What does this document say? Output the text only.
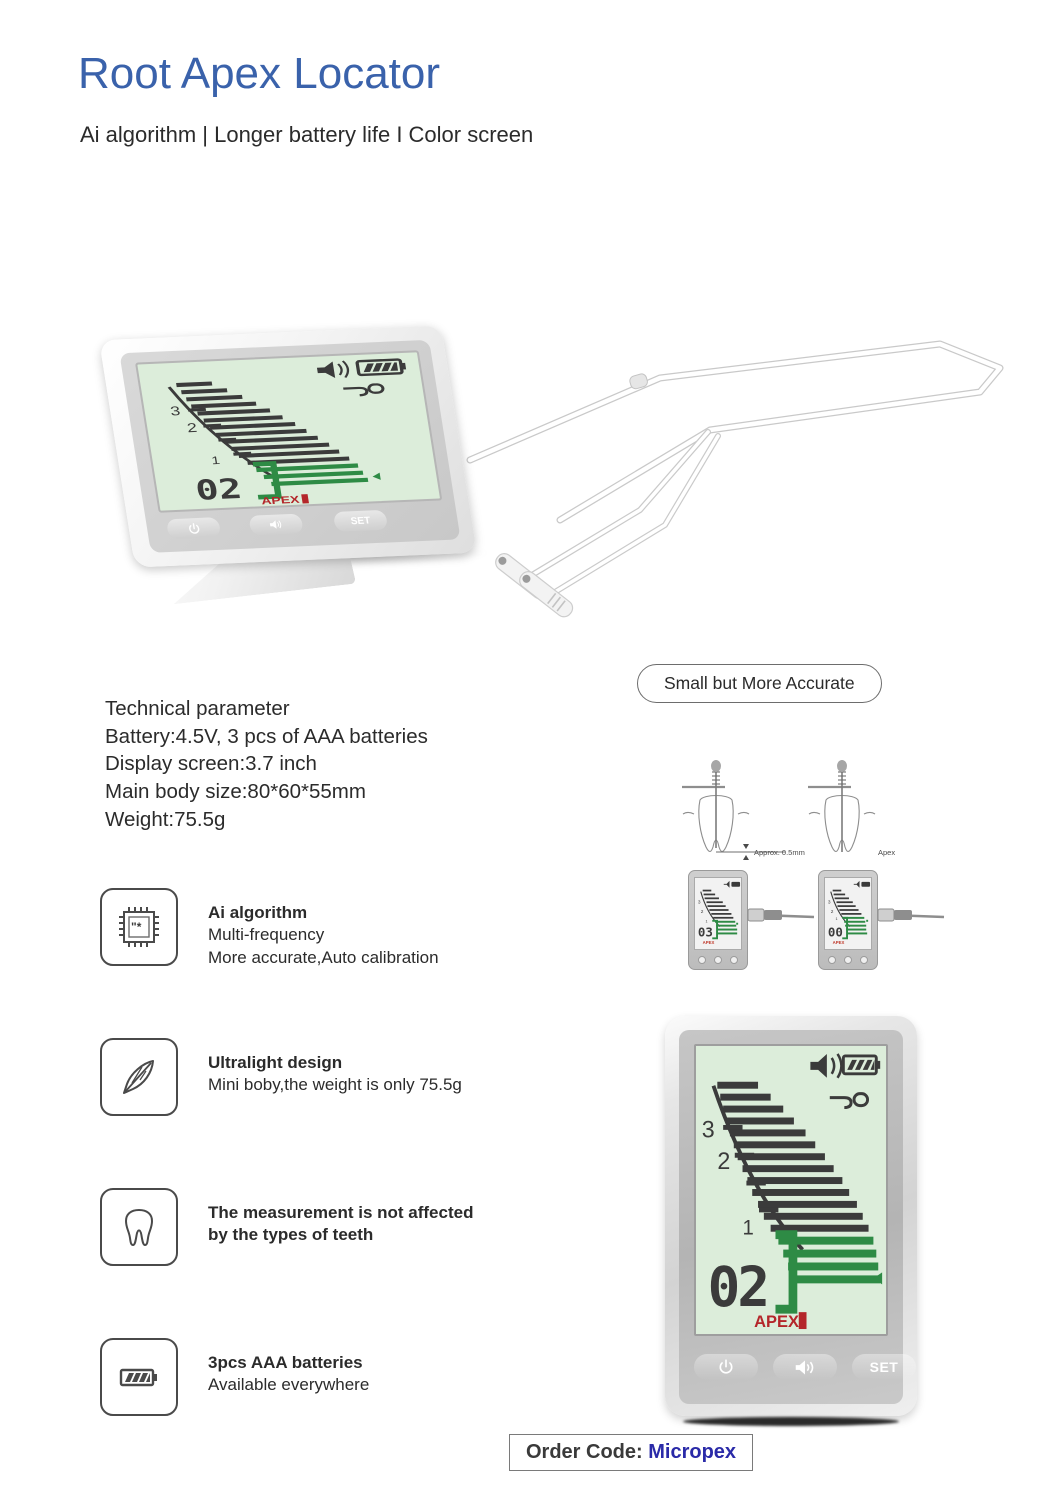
Root Apex Locator
Ai algorithm | Longer battery life I Color screen
3
2
1
02 APEX
SET
Technical parameter
Battery:4.5V, 3 pcs of AAA batteries
Display screen:3.7 inch
Main body size:80*60*55mm
Weight:75.5g
"*
Ai algorithm
Multi-frequency
More accurate,Auto calibration
Ultralight design
Mini boby,the weight is only 75.5g
The measurement is not affected
by the types of teeth
3pcs AAA batteries
Available everywhere
Small but More Accurate
Approx. 0.5mm	Apex
3
2
1
03
APEX
3
2
1
00
APEX
3
2
1
02
APEX
SET
Order Code: Micropex
